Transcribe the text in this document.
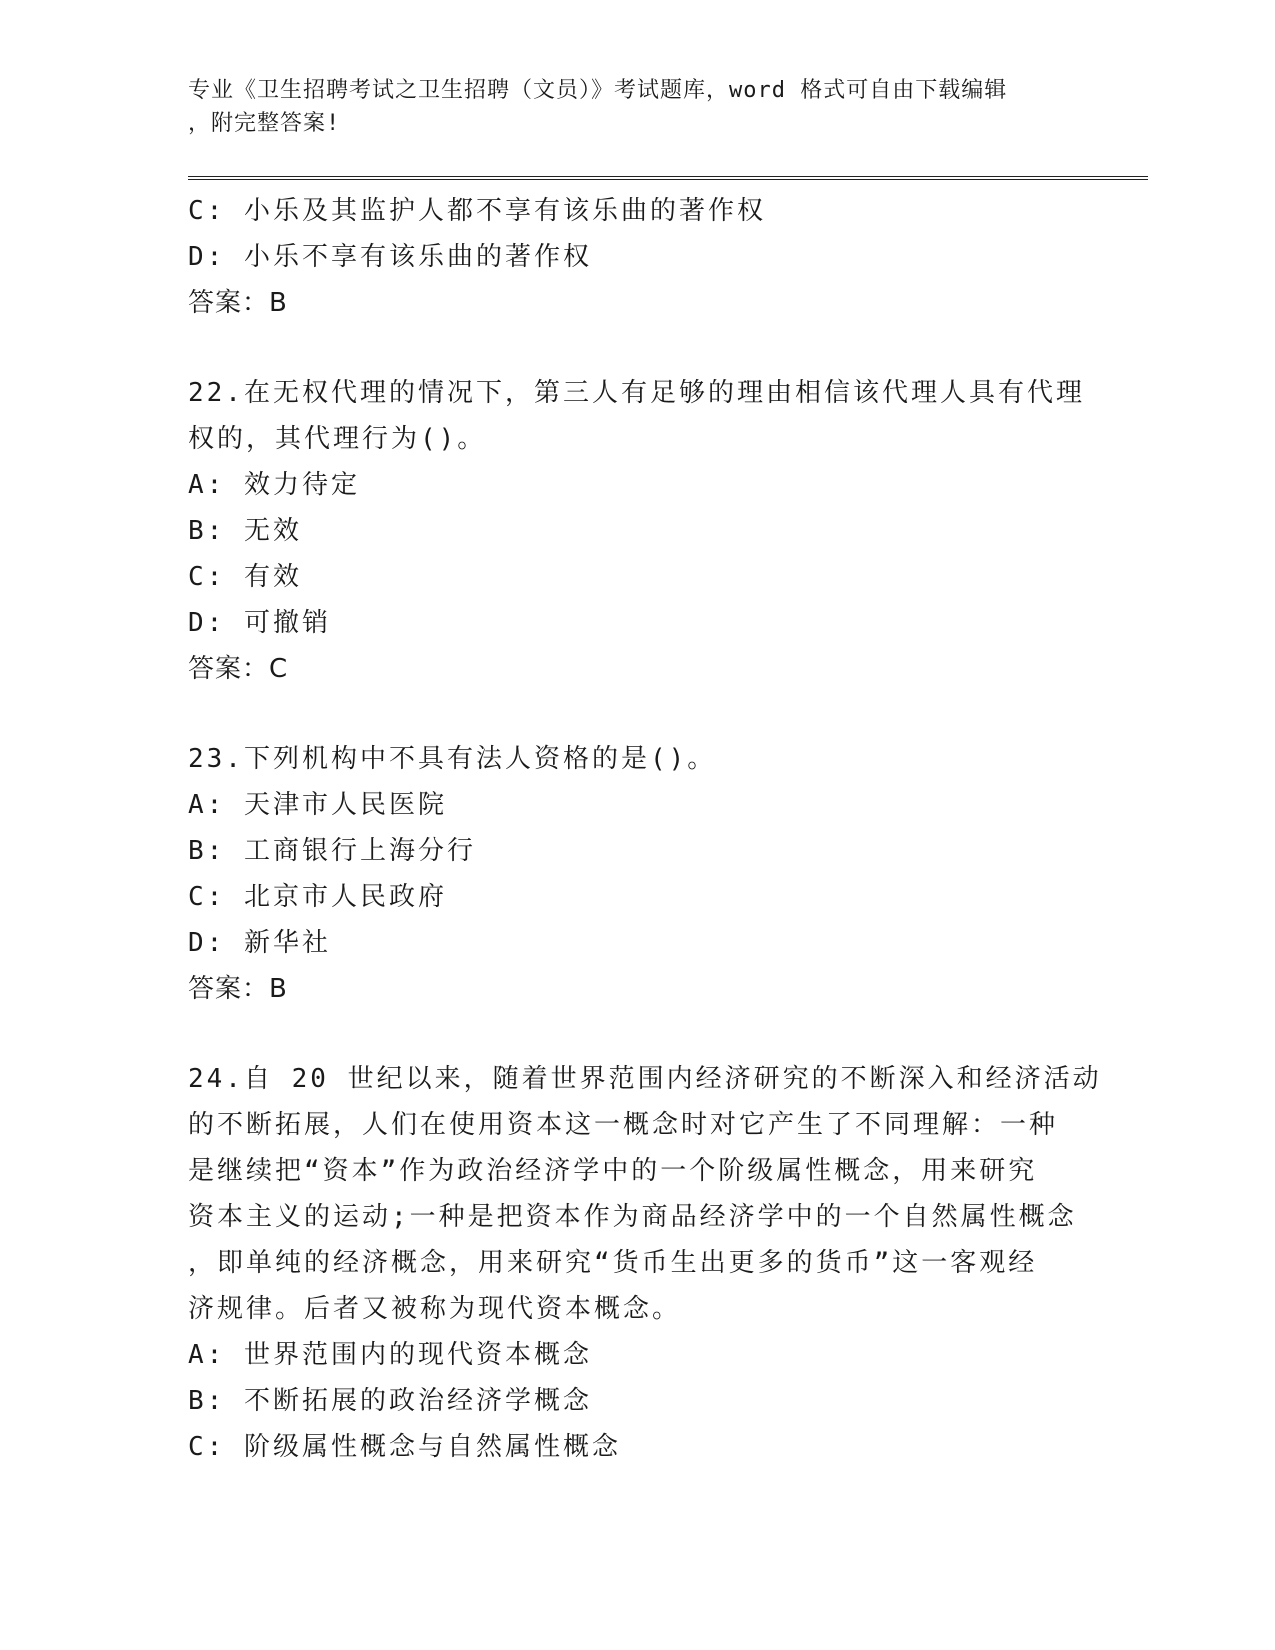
专业《卫生招聘考试之卫生招聘（文员）》考试题库，word 格式可自由下载编辑
，附完整答案!
C: 小乐及其监护人都不享有该乐曲的著作权
D: 小乐不享有该乐曲的著作权
答案：B
22.在无权代理的情况下，第三人有足够的理由相信该代理人具有代理
权的，其代理行为()。
A: 效力待定
B: 无效
C: 有效
D: 可撤销
答案：C
23.下列机构中不具有法人资格的是()。
A: 天津市人民医院
B: 工商银行上海分行
C: 北京市人民政府
D: 新华社
答案：B
24.自 20 世纪以来，随着世界范围内经济研究的不断深入和经济活动
的不断拓展，人们在使用资本这一概念时对它产生了不同理解：一种
是继续把“资本”作为政治经济学中的一个阶级属性概念，用来研究
资本主义的运动;一种是把资本作为商品经济学中的一个自然属性概念
，即单纯的经济概念，用来研究“货币生出更多的货币”这一客观经
济规律。后者又被称为现代资本概念。
A: 世界范围内的现代资本概念
B: 不断拓展的政治经济学概念
C: 阶级属性概念与自然属性概念
